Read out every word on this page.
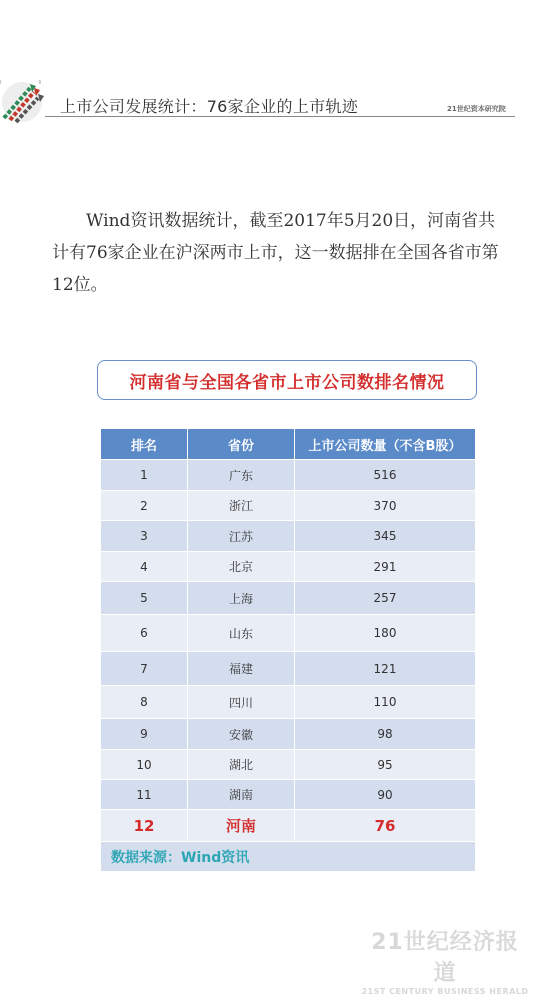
上市公司发展统计：76家企业的上市轨迹	21世纪资本研究院
Wind资讯数据统计，截至2017年5月20日，河南省共计有76家企业在沪深两市上市，这一数据排在全国各省市第12位。
河南省与全国各省市上市公司数排名情况
排名	省份	上市公司数量（不含B股）
1	广东	516
2	浙江	370
3	江苏	345
4	北京	291
5	上海	257
6	山东	180
7	福建	121
8	四川	110
9	安徽	98
10	湖北	95
11	湖南	90
12	河南	76
数据来源：Wind资讯		
21世纪经济报道
21ST CENTURY BUSINESS HERALD
